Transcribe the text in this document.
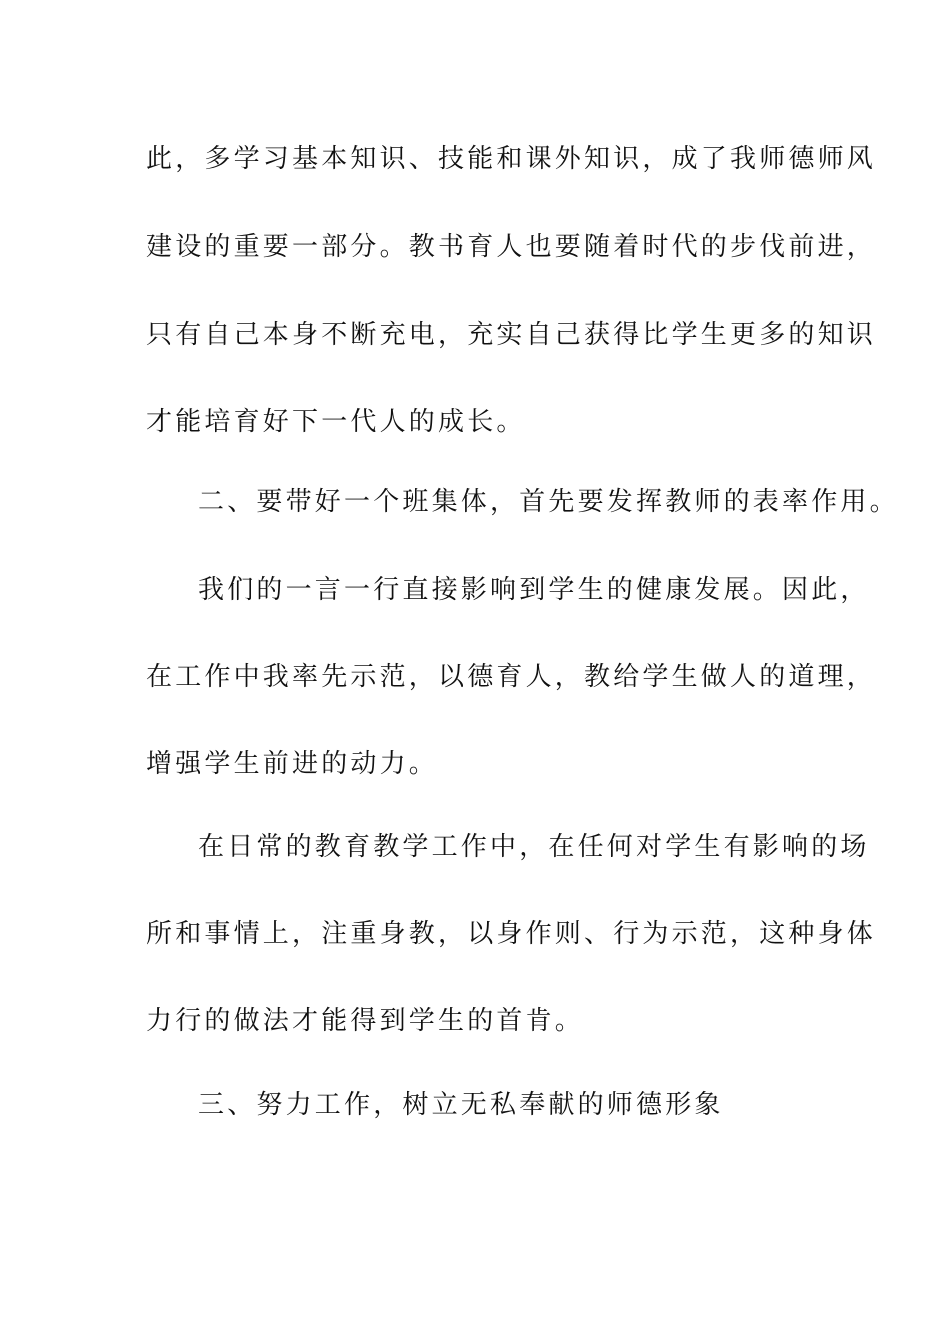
此，多学习基本知识、技能和课外知识，成了我师德师风
建设的重要一部分。教书育人也要随着时代的步伐前进，
只有自己本身不断充电，充实自己获得比学生更多的知识
才能培育好下一代人的成长。
二、要带好一个班集体，首先要发挥教师的表率作用。
我们的一言一行直接影响到学生的健康发展。因此，
在工作中我率先示范，以德育人，教给学生做人的道理，
增强学生前进的动力。
在日常的教育教学工作中，在任何对学生有影响的场
所和事情上，注重身教，以身作则、行为示范，这种身体
力行的做法才能得到学生的首肯。
三、努力工作，树立无私奉献的师德形象
